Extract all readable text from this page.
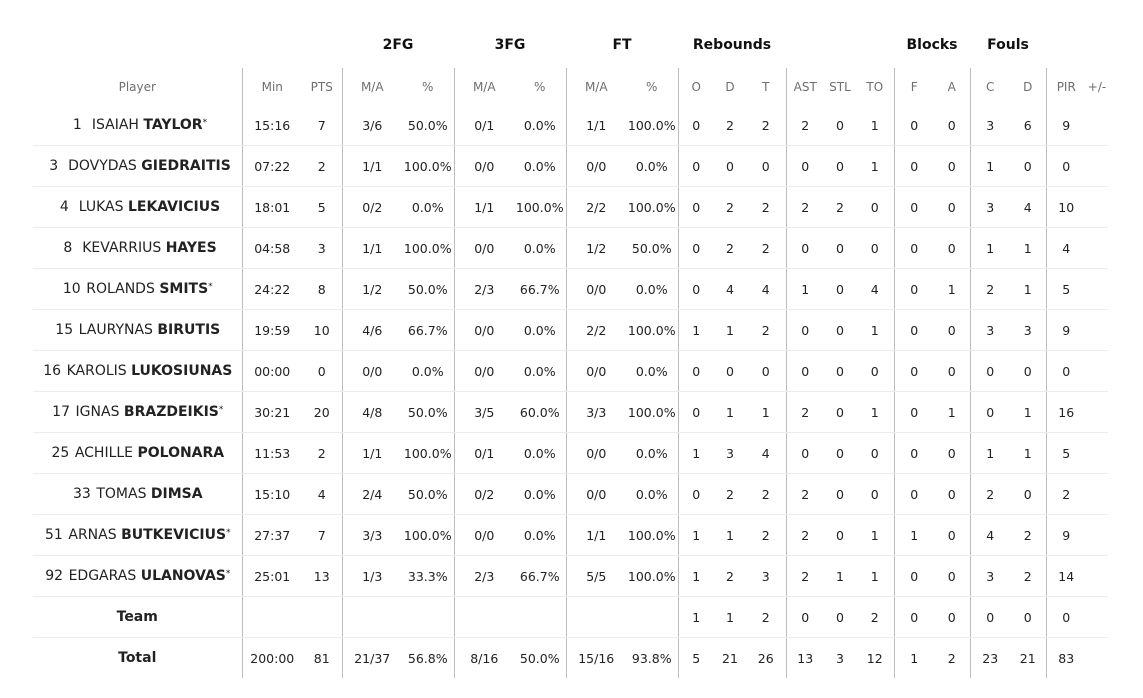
			2FG		3FG		FT		Rebounds						Blocks		Fouls			
Player	Min	PTS	M/A	%	M/A	%	M/A	%	O	D	T	AST	STL	TO	F	A	C	D	PIR	+/-
1 ISAIAH TAYLOR*	15:16	7	3/6	50.0%	0/1	0.0%	1/1	100.0%	0	2	2	2	0	1	0	0	3	6	9	
3 DOVYDAS GIEDRAITIS	07:22	2	1/1	100.0%	0/0	0.0%	0/0	0.0%	0	0	0	0	0	1	0	0	1	0	0	
4 LUKAS LEKAVICIUS	18:01	5	0/2	0.0%	1/1	100.0%	2/2	100.0%	0	2	2	2	2	0	0	0	3	4	10	
8 KEVARRIUS HAYES	04:58	3	1/1	100.0%	0/0	0.0%	1/2	50.0%	0	2	2	0	0	0	0	0	1	1	4	
10 ROLANDS SMITS*	24:22	8	1/2	50.0%	2/3	66.7%	0/0	0.0%	0	4	4	1	0	4	0	1	2	1	5	
15 LAURYNAS BIRUTIS	19:59	10	4/6	66.7%	0/0	0.0%	2/2	100.0%	1	1	2	0	0	1	0	0	3	3	9	
16 KAROLIS LUKOSIUNAS	00:00	0	0/0	0.0%	0/0	0.0%	0/0	0.0%	0	0	0	0	0	0	0	0	0	0	0	
17 IGNAS BRAZDEIKIS*	30:21	20	4/8	50.0%	3/5	60.0%	3/3	100.0%	0	1	1	2	0	1	0	1	0	1	16	
25 ACHILLE POLONARA	11:53	2	1/1	100.0%	0/1	0.0%	0/0	0.0%	1	3	4	0	0	0	0	0	1	1	5	
33 TOMAS DIMSA	15:10	4	2/4	50.0%	0/2	0.0%	0/0	0.0%	0	2	2	2	0	0	0	0	2	0	2	
51 ARNAS BUTKEVICIUS*	27:37	7	3/3	100.0%	0/0	0.0%	1/1	100.0%	1	1	2	2	0	1	1	0	4	2	9	
92 EDGARAS ULANOVAS*	25:01	13	1/3	33.3%	2/3	66.7%	5/5	100.0%	1	2	3	2	1	1	0	0	3	2	14	
Team									1	1	2	0	0	2	0	0	0	0	0	
Total	200:00	81	21/37	56.8%	8/16	50.0%	15/16	93.8%	5	21	26	13	3	12	1	2	23	21	83	
